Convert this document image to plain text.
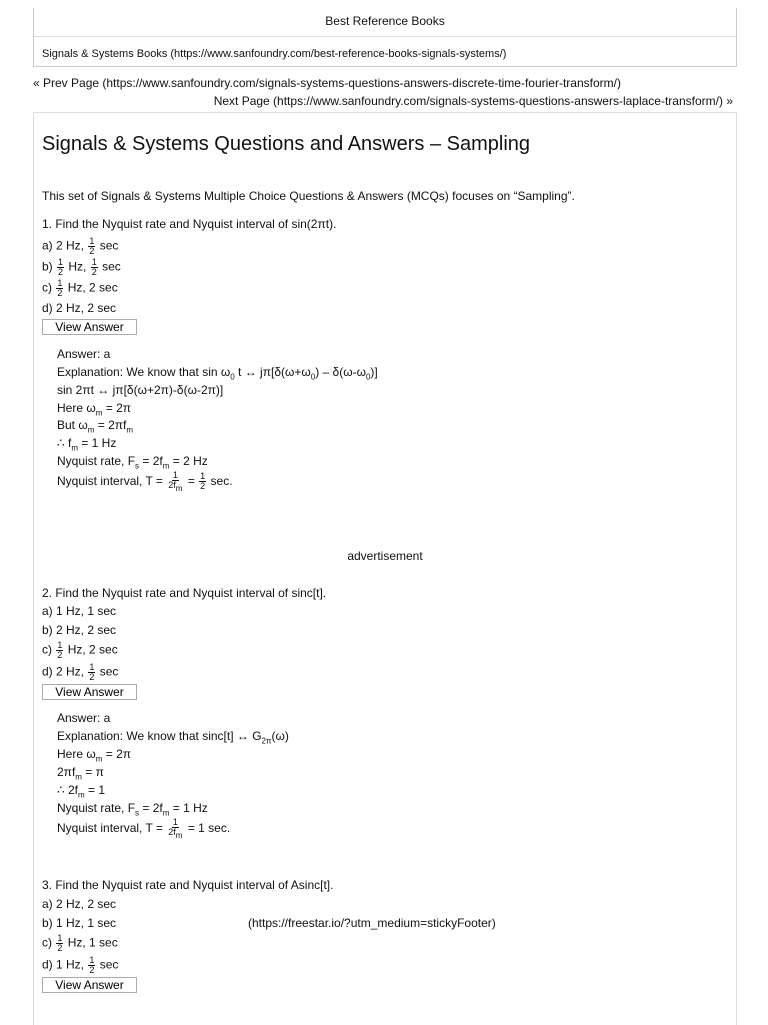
Best Reference Books
Signals & Systems Books (https://www.sanfoundry.com/best-reference-books-signals-systems/)
« Prev Page (https://www.sanfoundry.com/signals-systems-questions-answers-discrete-time-fourier-transform/)
Next Page (https://www.sanfoundry.com/signals-systems-questions-answers-laplace-transform/) »
Signals & Systems Questions and Answers – Sampling
This set of Signals & Systems Multiple Choice Questions & Answers (MCQs) focuses on “Sampling”.
1. Find the Nyquist rate and Nyquist interval of sin(2πt).
a) 2 Hz, $\frac{1}{2}$ sec
$b) \frac{1}{2} Hz$, $\frac{1}{2}$ sec
$c) \frac{1}{2} Hz$, 2 sec
d) 2 Hz, 2 sec
View Answer
Answer: a
Explanation: We know that $\sin \omega_0$ t ↔ $j\pi[\delta(\omega+\omega_0) - \delta(\omega-\omega_0)]$
sin 2πt ↔ jπ[δ(ω+2π)-δ(ω-2π)]
Here $\omega_m = 2\pi$
But $\omega_m = 2\pi f_m$
∴ $f_m = 1$ Hz
Nyquist rate, $F_s = 2f_m = 2$ Hz
Nyquist interval, $T = \frac{1}{2f_m} = \frac{1}{2} \sec$.
advertisement
2. Find the Nyquist rate and Nyquist interval of sinc[t].
a) 1 Hz, 1 sec
b) 2 Hz, 2 sec
$c) \frac{1}{2} Hz$, 2 sec
d) 2 Hz, $\frac{1}{2}$ sec
View Answer
Answer: a
Explanation: We know that sinc[t] ↔ $G_{2\pi}(\omega)$
Here $\omega_m = 2\pi$
$2\pi f_m = \pi$
∴ $2f_m = 1$
Nyquist rate, $F_s = 2f_m = 1$ Hz
Nyquist interval, $T = \frac{1}{2f_m} = 1$ sec.
3. Find the Nyquist rate and Nyquist interval of Asinc[t].
a) 2 Hz, 2 sec
b) 1 Hz, 1 sec	(https://freestar.io/?utm_medium=stickyFooter)
$c) \frac{1}{2} Hz$, 1 sec
d) 1 Hz, $\frac{1}{2}$ sec
View Answer
